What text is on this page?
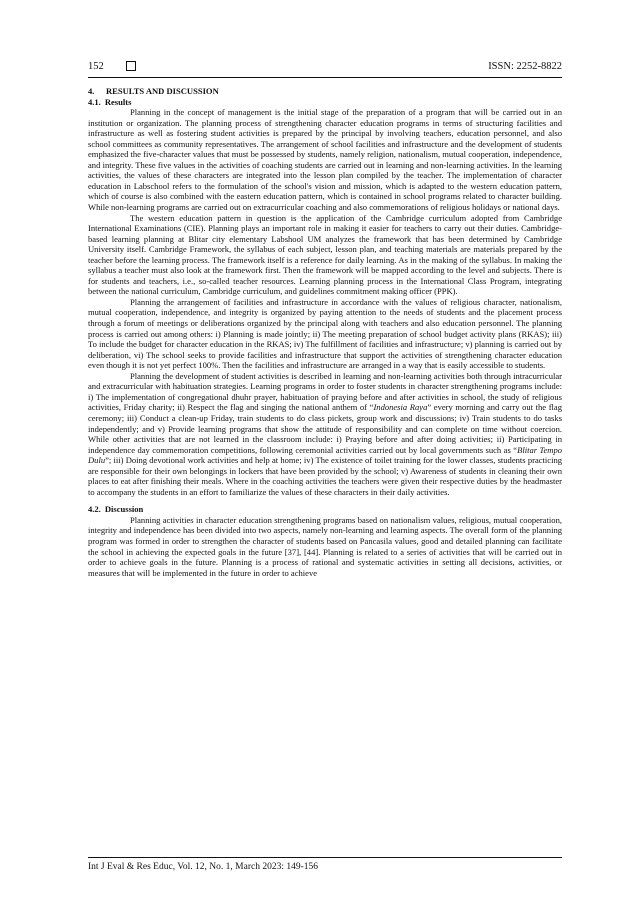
152	ISSN: 2252-8822
4. RESULTS AND DISCUSSION
4.1. Results

Planning in the concept of management is the initial stage of the preparation of a program that will be carried out in an institution or organization. The planning process of strengthening character education programs in terms of structuring facilities and infrastructure as well as fostering student activities is prepared by the principal by involving teachers, education personnel, and also school committees as community representatives. The arrangement of school facilities and infrastructure and the development of students emphasized the five-character values that must be possessed by students, namely religion, nationalism, mutual cooperation, independence, and integrity. These five values in the activities of coaching students are carried out in learning and non-learning activities. In the learning activities, the values of these characters are integrated into the lesson plan compiled by the teacher. The implementation of character education in Labschool refers to the formulation of the school's vision and mission, which is adapted to the western education pattern, which of course is also combined with the eastern education pattern, which is contained in school programs related to character building. While non-learning programs are carried out on extracurricular coaching and also commemorations of religious holidays or national days.

The western education pattern in question is the application of the Cambridge curriculum adopted from Cambridge International Examinations (CIE). Planning plays an important role in making it easier for teachers to carry out their duties. Cambridge-based learning planning at Blitar city elementary Labshool UM analyzes the framework that has been determined by Cambridge University itself. Cambridge Framework, the syllabus of each subject, lesson plan, and teaching materials are materials prepared by the teacher before the learning process. The framework itself is a reference for daily learning. As in the making of the syllabus. In making the syllabus a teacher must also look at the framework first. Then the framework will be mapped according to the level and subjects. There is for students and teachers, i.e., so-called teacher resources. Learning planning process in the International Class Program, integrating between the national curriculum, Cambridge curriculum, and guidelines commitment making officer (PPK).

Planning the arrangement of facilities and infrastructure in accordance with the values of religious character, nationalism, mutual cooperation, independence, and integrity is organized by paying attention to the needs of students and the placement process through a forum of meetings or deliberations organized by the principal along with teachers and also education personnel. The planning process is carried out among others: i) Planning is made jointly; ii) The meeting preparation of school budget activity plans (RKAS); iii) To include the budget for character education in the RKAS; iv) The fulfillment of facilities and infrastructure; v) planning is carried out by deliberation, vi) The school seeks to provide facilities and infrastructure that support the activities of strengthening character education even though it is not yet perfect 100%. Then the facilities and infrastructure are arranged in a way that is easily accessible to students.

Planning the development of student activities is described in learning and non-learning activities both through intracurricular and extracurricular with habituation strategies. Learning programs in order to foster students in character strengthening programs include: i) The implementation of congregational dhuhr prayer, habituation of praying before and after activities in school, the study of religious activities, Friday charity; ii) Respect the flag and singing the national anthem of “Indonesia Raya” every morning and carry out the flag ceremony; iii) Conduct a clean-up Friday, train students to do class pickets, group work and discussions; iv) Train students to do tasks independently; and v) Provide learning programs that show the attitude of responsibility and can complete on time without coercion. While other activities that are not learned in the classroom include: i) Praying before and after doing activities; ii) Participating in independence day commemoration competitions, following ceremonial activities carried out by local governments such as “Blitar Tempo Dulu”; iii) Doing devotional work activities and help at home; iv) The existence of toilet training for the lower classes, students practicing are responsible for their own belongings in lockers that have been provided by the school; v) Awareness of students in cleaning their own places to eat after finishing their meals. Where in the coaching activities the teachers were given their respective duties by the headmaster to accompany the students in an effort to familiarize the values of these characters in their daily activities.

4.2. Discussion

Planning activities in character education strengthening programs based on nationalism values, religious, mutual cooperation, integrity and independence has been divided into two aspects, namely non-learning and learning aspects. The overall form of the planning program was formed in order to strengthen the character of students based on Pancasila values, good and detailed planning can facilitate the school in achieving the expected goals in the future [37], [44]. Planning is related to a series of activities that will be carried out in order to achieve goals in the future. Planning is a process of rational and systematic activities in setting all decisions, activities, or measures that will be implemented in the future in order to achieve

Int J Eval & Res Educ, Vol. 12, No. 1, March 2023: 149-156
